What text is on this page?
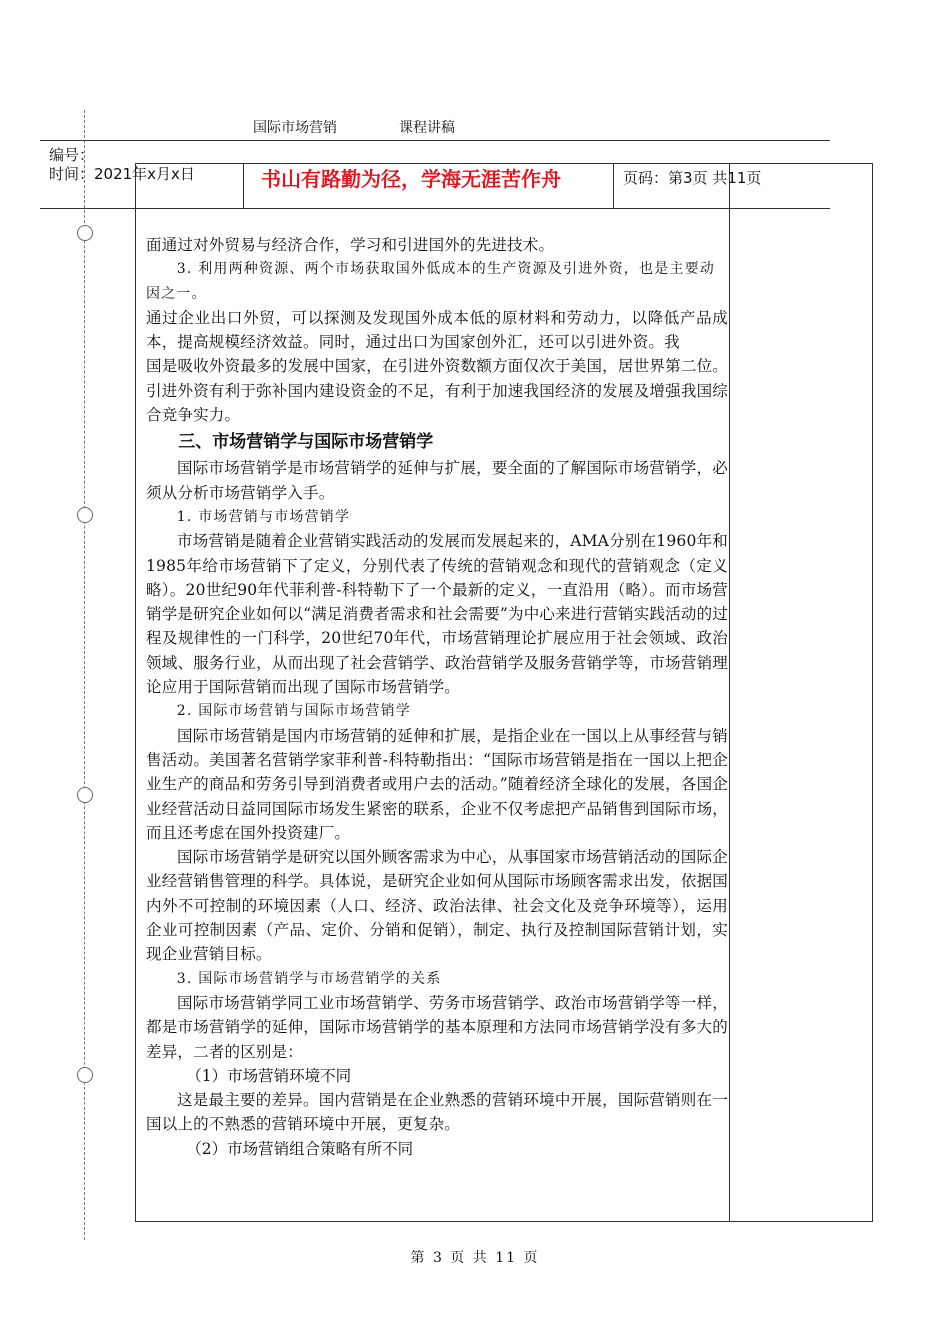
国际市场营销	课程讲稿
编号：
时间：2021年x月x日	书山有路勤为径，学海无涯苦作舟	页码：第3页 共11页

面通过对外贸易与经济合作，学习和引进国外的先进技术。

3. 利用两种资源、两个市场获取国外低成本的生产资源及引进外资，也是主要动因之一。

通过企业出口外贸，可以探测及发现国外成本低的原材料和劳动力，以降低产品成本，提高规模经济效益。同时，通过出口为国家创外汇，还可以引进外资。我

国是吸收外资最多的发展中国家，在引进外资数额方面仅次于美国，居世界第二位。引进外资有利于弥补国内建设资金的不足，有利于加速我国经济的发展及增强我国综合竞争实力。

三、市场营销学与国际市场营销学

国际市场营销学是市场营销学的延伸与扩展，要全面的了解国际市场营销学，必须从分析市场营销学入手。

1. 市场营销与市场营销学

市场营销是随着企业营销实践活动的发展而发展起来的，AMA分别在1960年和1985年给市场营销下了定义，分别代表了传统的营销观念和现代的营销观念（定义略）。20世纪90年代菲利普-科特勒下了一个最新的定义，一直沿用（略）。而市场营销学是研究企业如何以“满足消费者需求和社会需要”为中心来进行营销实践活动的过程及规律性的一门科学，20世纪70年代，市场营销理论扩展应用于社会领域、政治领域、服务行业，从而出现了社会营销学、政治营销学及服务营销学等，市场营销理论应用于国际营销而出现了国际市场营销学。

2. 国际市场营销与国际市场营销学

国际市场营销是国内市场营销的延伸和扩展，是指企业在一国以上从事经营与销售活动。美国著名营销学家菲利普-科特勒指出：“国际市场营销是指在一国以上把企业生产的商品和劳务引导到消费者或用户去的活动。”随着经济全球化的发展，各国企业经营活动日益同国际市场发生紧密的联系，企业不仅考虑把产品销售到国际市场，而且还考虑在国外投资建厂。

国际市场营销学是研究以国外顾客需求为中心，从事国家市场营销活动的国际企业经营销售管理的科学。具体说，是研究企业如何从国际市场顾客需求出发，依据国内外不可控制的环境因素（人口、经济、政治法律、社会文化及竞争环境等），运用企业可控制因素（产品、定价、分销和促销），制定、执行及控制国际营销计划，实现企业营销目标。

3. 国际市场营销学与市场营销学的关系

国际市场营销学同工业市场营销学、劳务市场营销学、政治市场营销学等一样，都是市场营销学的延伸，国际市场营销学的基本原理和方法同市场营销学没有多大的差异，二者的区别是：

（1）市场营销环境不同

这是最主要的差异。国内营销是在企业熟悉的营销环境中开展，国际营销则在一国以上的不熟悉的营销环境中开展，更复杂。

（2）市场营销组合策略有所不同

第 3 页 共 11 页
